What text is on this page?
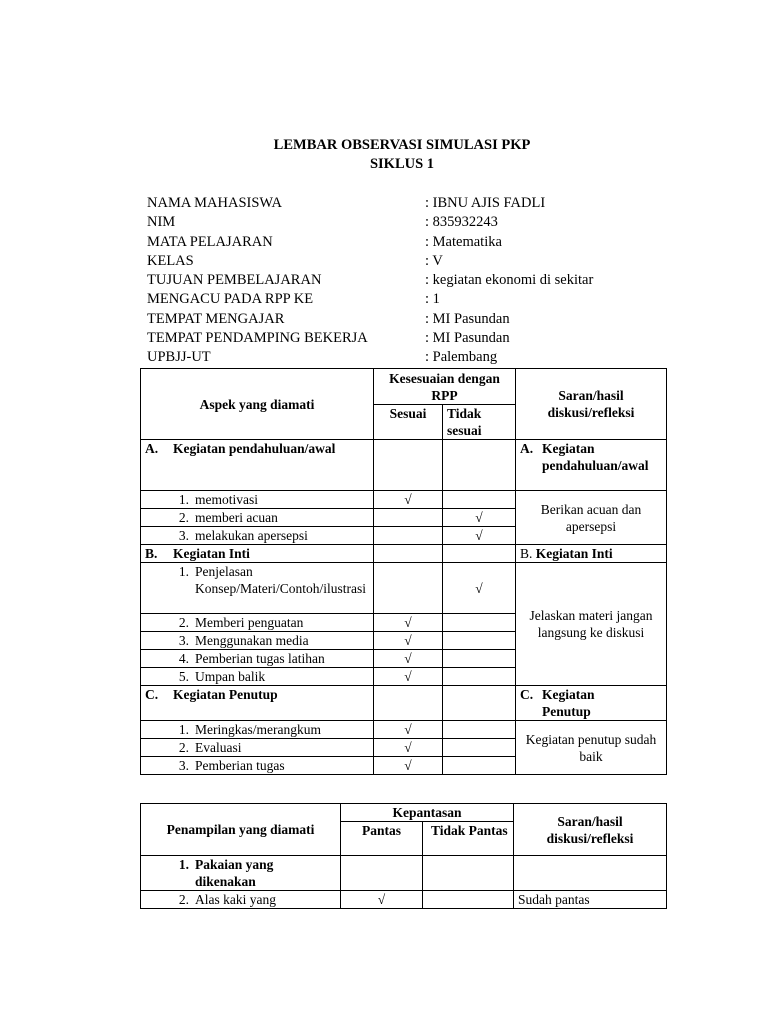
LEMBAR OBSERVASI SIMULASI PKP
SIKLUS 1
NAMA MAHASISWA	: IBNU AJIS FADLI
NIM	: 835932243
MATA PELAJARAN	: Matematika
KELAS	: V
TUJUAN PEMBELAJARAN	: kegiatan ekonomi di sekitar
MENGACU PADA RPP KE	: 1
TEMPAT MENGAJAR	: MI Pasundan
TEMPAT PENDAMPING BEKERJA	: MI Pasundan
UPBJJ-UT	: Palembang
Aspek yang diamati	Kesesuaian dengan RPP		Saran/hasil diskusi/refleksi
	Sesuai	Tidak sesuai	
A. Kegiatan pendahuluan/awal			A. Kegiatan pendahuluan/awal
1. memotivasi	√		Berikan acuan dan apersepsi
2. memberi acuan		√	
3. melakukan apersepsi		√	
B. Kegiatan Inti			B. Kegiatan Inti
1. Penjelasan Konsep/Materi/Contoh/ilustrasi		√	Jelaskan materi jangan langsung ke diskusi
2. Memberi penguatan	√		
3. Menggunakan media	√		
4. Pemberian tugas latihan	√		
5. Umpan balik	√		
C. Kegiatan Penutup			C. Kegiatan Penutup
1. Meringkas/merangkum	√		Kegiatan penutup sudah baik
2. Evaluasi	√		
3. Pemberian tugas	√		
Penampilan yang diamati	Kepantasan		Saran/hasil diskusi/refleksi
	Pantas	Tidak Pantas	
1. Pakaian yang dikenakan			
2. Alas kaki yang	√		Sudah pantas
